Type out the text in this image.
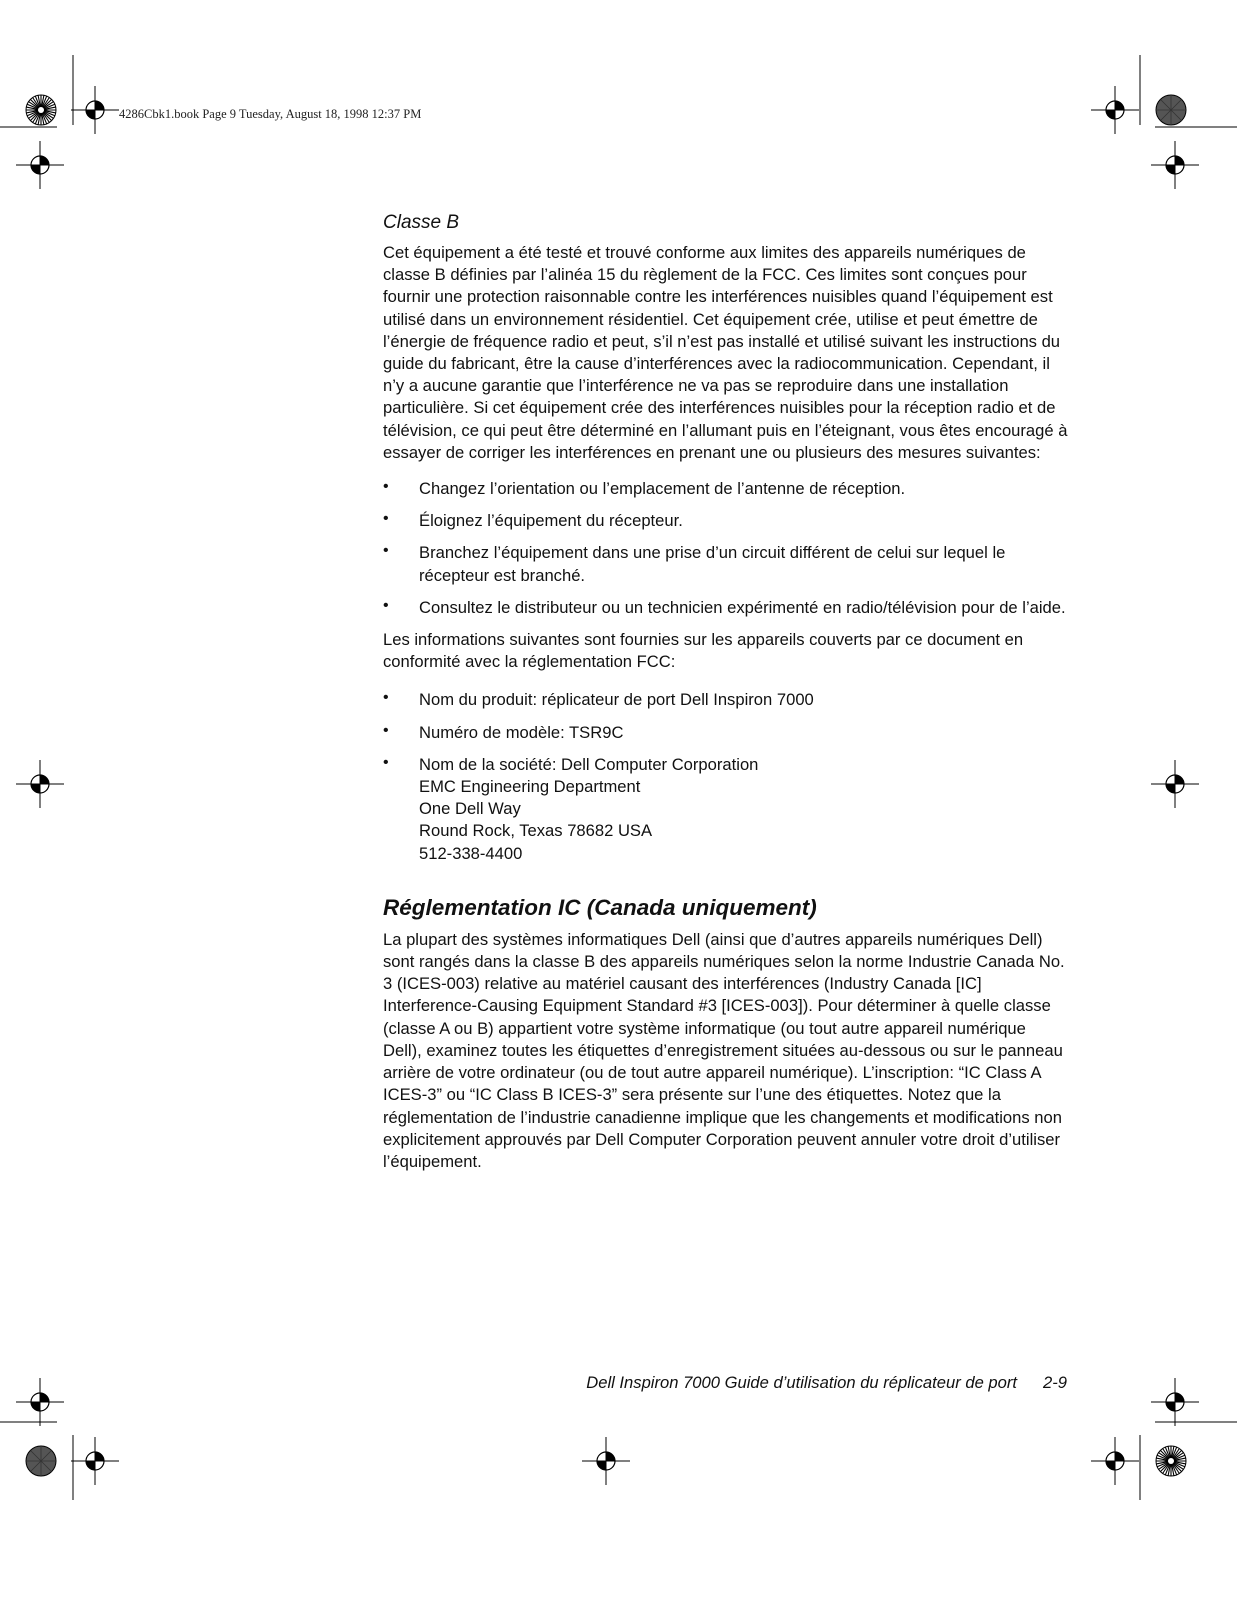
4286Cbk1.book Page 9 Tuesday, August 18, 1998 12:37 PM
Classe B

Cet équipement a été testé et trouvé conforme aux limites des appareils numériques de classe B définies par l’alinéa 15 du règlement de la FCC. Ces limites sont conçues pour fournir une protection raisonnable contre les interférences nuisibles quand l’équipement est utilisé dans un environnement résidentiel. Cet équipement crée, utilise et peut émettre de l’énergie de fréquence radio et peut, s’il n’est pas installé et utilisé suivant les instructions du guide du fabricant, être la cause d’interférences avec la radiocommunication. Cependant, il n’y a aucune garantie que l’interférence ne va pas se reproduire dans une installation particulière. Si cet équipement crée des interférences nuisibles pour la réception radio et de télévision, ce qui peut être déterminé en l’allumant puis en l’éteignant, vous êtes encouragé à essayer de corriger les interférences en prenant une ou plusieurs des mesures suivantes:

• Changez l’orientation ou l’emplacement de l’antenne de réception.
• Éloignez l’équipement du récepteur.
• Branchez l’équipement dans une prise d’un circuit différent de celui sur lequel le récepteur est branché.
• Consultez le distributeur ou un technicien expérimenté en radio/télévision pour de l’aide.

Les informations suivantes sont fournies sur les appareils couverts par ce document en conformité avec la réglementation FCC:

• Nom du produit: réplicateur de port Dell Inspiron 7000
• Numéro de modèle: TSR9C
• Nom de la société: Dell Computer Corporation
EMC Engineering Department
One Dell Way
Round Rock, Texas 78682 USA
512-338-4400
Réglementation IC (Canada uniquement)

La plupart des systèmes informatiques Dell (ainsi que d’autres appareils numériques Dell) sont rangés dans la classe B des appareils numériques selon la norme Industrie Canada No. 3 (ICES-003) relative au matériel causant des interférences (Industry Canada [IC] Interference-Causing Equipment Standard #3 [ICES-003]). Pour déterminer à quelle classe (classe A ou B) appartient votre système informatique (ou tout autre appareil numérique Dell), examinez toutes les étiquettes d’enregistrement situées au-dessous ou sur le panneau arrière de votre ordinateur (ou de tout autre appareil numérique). L’inscription: “IC Class A ICES-3” ou “IC Class B ICES-3” sera présente sur l’une des étiquettes. Notez que la réglementation de l’industrie canadienne implique que les changements et modifications non explicitement approuvés par Dell Computer Corporation peuvent annuler votre droit d’utiliser l’équipement.

Dell Inspiron 7000 Guide d’utilisation du réplicateur de port 2-9
